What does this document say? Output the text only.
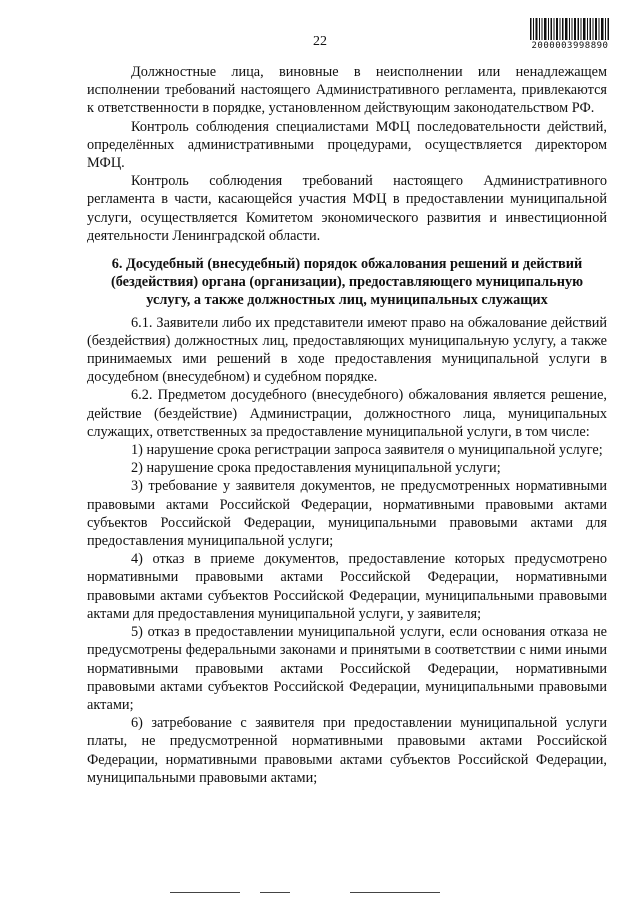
22	2000003998890

Должностные лица, виновные в неисполнении или ненадлежащем исполнении требований настоящего Административного регламента, привлекаются к ответственности в порядке, установленном действующим законодательством РФ.

Контроль соблюдения специалистами МФЦ последовательности действий, определённых административными процедурами, осуществляется директором МФЦ.

Контроль соблюдения требований настоящего Административного регламента в части, касающейся участия МФЦ в предоставлении муниципальной услуги, осуществляется Комитетом экономического развития и инвестиционной деятельности Ленинградской области.

6. Досудебный (внесудебный) порядок обжалования решений и действий (бездействия) органа (организации), предоставляющего муниципальную услугу, а также должностных лиц, муниципальных служащих

6.1. Заявители либо их представители имеют право на обжалование действий (бездействия) должностных лиц, предоставляющих муниципальную услугу, а также принимаемых ими решений в ходе предоставления муниципальной услуги в досудебном (внесудебном) и судебном порядке.

6.2. Предметом досудебного (внесудебного) обжалования является решение, действие (бездействие) Администрации, должностного лица, муниципальных служащих, ответственных за предоставление муниципальной услуги, в том числе:

1) нарушение срока регистрации запроса заявителя о муниципальной услуге;

2) нарушение срока предоставления муниципальной услуги;

3) требование у заявителя документов, не предусмотренных нормативными правовыми актами Российской Федерации, нормативными правовыми актами субъектов Российской Федерации, муниципальными правовыми актами для предоставления муниципальной услуги;

4) отказ в приеме документов, предоставление которых предусмотрено нормативными правовыми актами Российской Федерации, нормативными правовыми актами субъектов Российской Федерации, муниципальными правовыми актами для предоставления муниципальной услуги, у заявителя;

5) отказ в предоставлении муниципальной услуги, если основания отказа не предусмотрены федеральными законами и принятыми в соответствии с ними иными нормативными правовыми актами Российской Федерации, нормативными правовыми актами субъектов Российской Федерации, муниципальными правовыми актами;

6) затребование с заявителя при предоставлении муниципальной услуги платы, не предусмотренной нормативными правовыми актами Российской Федерации, нормативными правовыми актами субъектов Российской Федерации, муниципальными правовыми актами;
